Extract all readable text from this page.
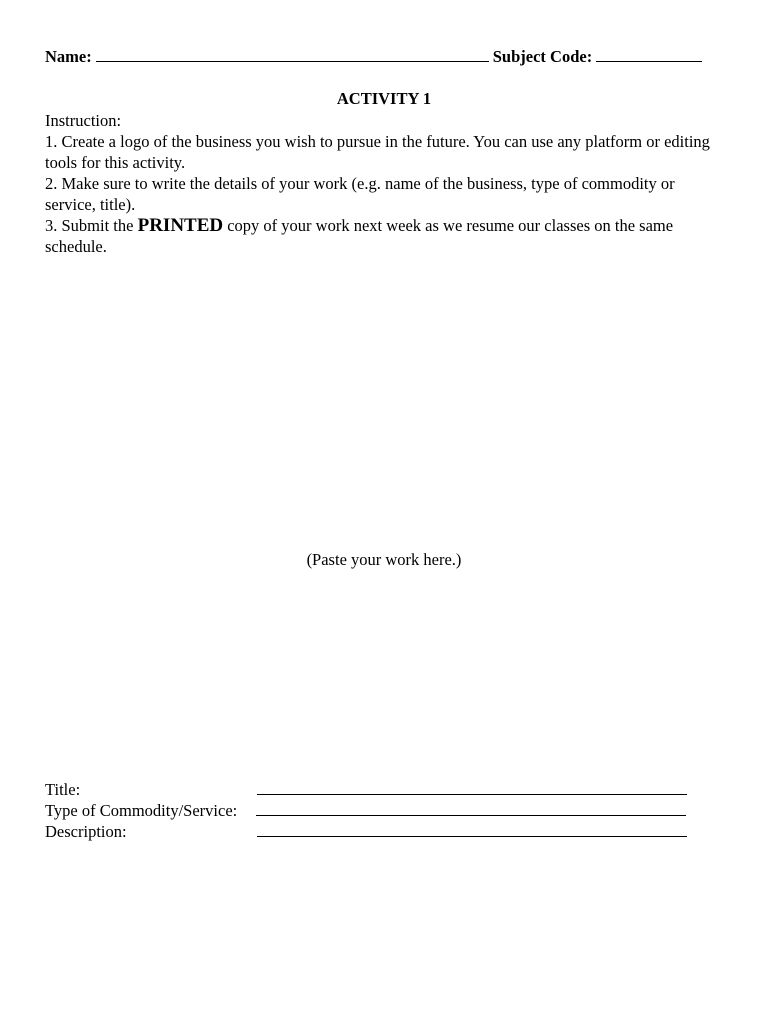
Name:	Subject Code:
ACTIVITY 1

Instruction:

1. Create a logo of the business you wish to pursue in the future. You can use any platform or editing tools for this activity.

2. Make sure to write the details of your work (e.g. name of the business, type of commodity or service, title).

3. Submit the PRINTED copy of your work next week as we resume our classes on the same schedule.

(Paste your work here.)
Title:
Type of Commodity/Service:
Description:
